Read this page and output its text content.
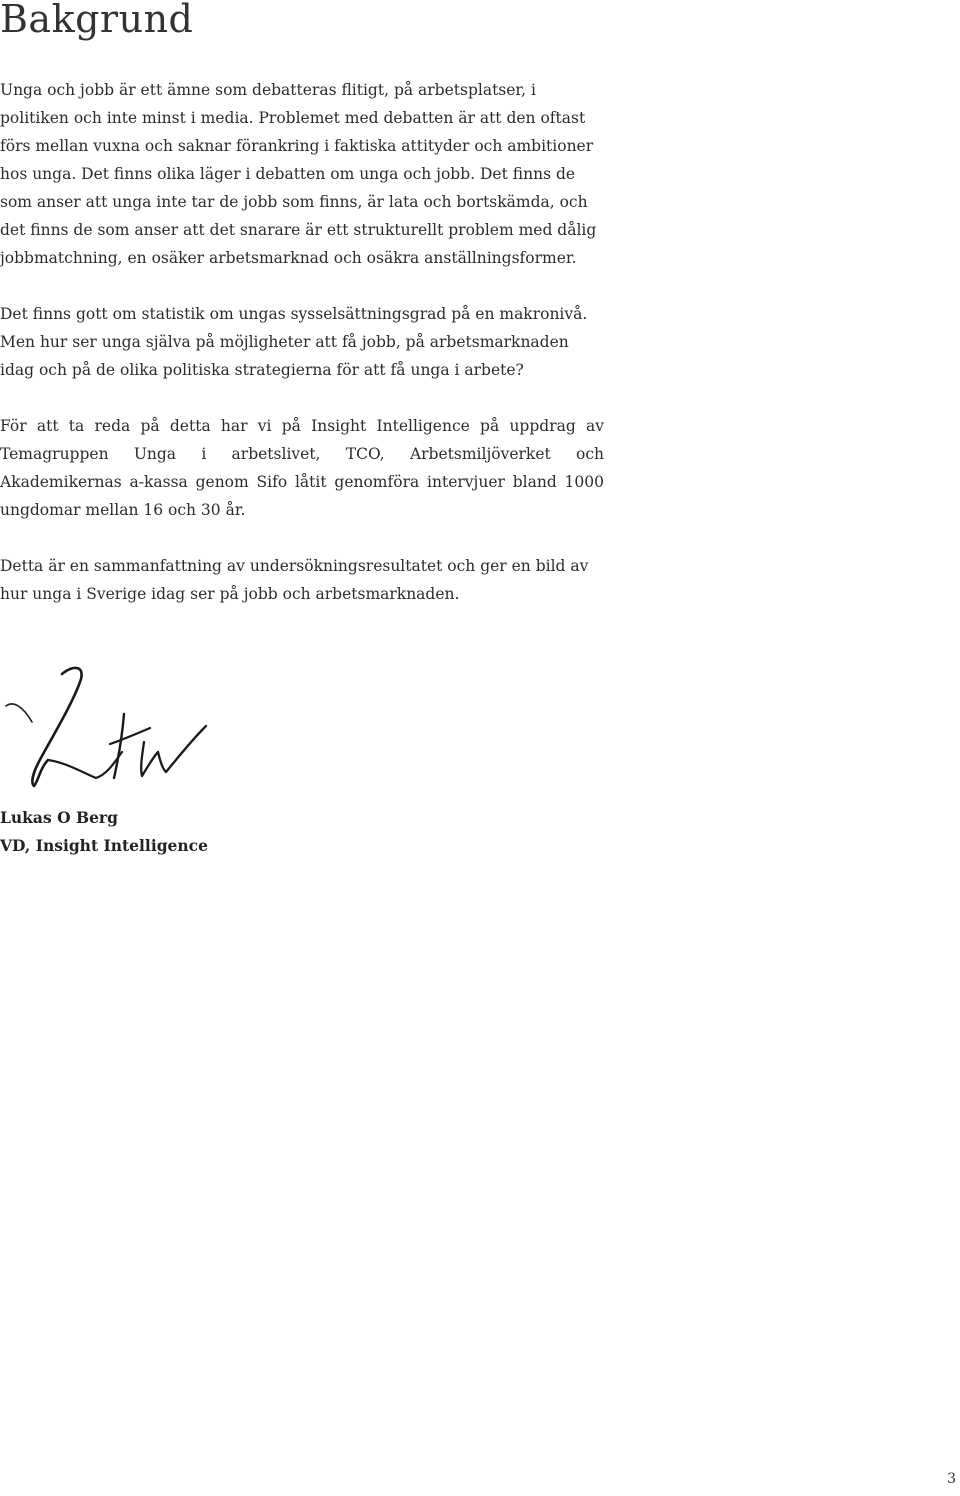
Bakgrund

Unga och jobb är ett ämne som debatteras flitigt, på arbetsplatser, i politiken och inte minst i media. Problemet med debatten är att den oftast förs mellan vuxna och saknar förankring i faktiska attityder och ambitioner hos unga. Det finns olika läger i debatten om unga och jobb. Det finns de som anser att unga inte tar de jobb som finns, är lata och bortskämda, och det finns de som anser att det snarare är ett strukturellt problem med dålig jobbmatchning, en osäker arbetsmarknad och osäkra anställningsformer.

Det finns gott om statistik om ungas sysselsättningsgrad på en makronivå. Men hur ser unga själva på möjligheter att få jobb, på arbetsmarknaden idag och på de olika politiska strategierna för att få unga i arbete?

För att ta reda på detta har vi på Insight Intelligence på uppdrag av Temagruppen Unga i arbetslivet, TCO, Arbetsmiljöverket och Akademikernas a-kassa genom Sifo låtit genomföra intervjuer bland 1000 ungdomar mellan 16 och 30 år.

Detta är en sammanfattning av undersökningsresultatet och ger en bild av hur unga i Sverige idag ser på jobb och arbetsmarknaden.

Lukas O Berg
VD, Insight Intelligence
3
